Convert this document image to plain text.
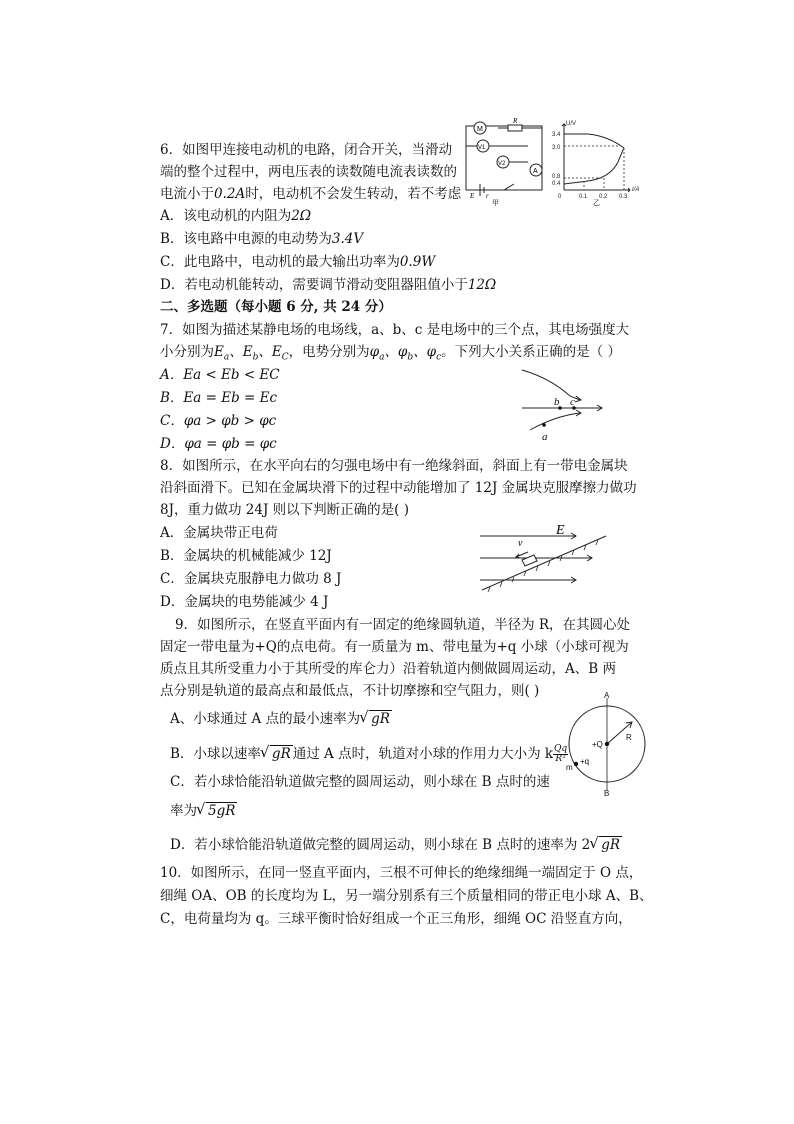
6．如图甲连接电动机的电路，闭合开关，当滑动
端的整个过程中，两电压表的读数随电流表读数的
电流小于0.2A时，电动机不会发生转动，若不考虑
A．该电动机的内阻为2Ω
B．该电路中电源的电动势为3.4V
C．此电路中，电动机的最大输出功率为0.9W
D．若电动机能转动，需要调节滑动变阻器阻值小于12Ω
M
R
V1
V2
A
E r
甲
U/V
I/A
3.4
3.0
0.8
0.4
0	0.1 0.2 0.3
乙
二、多选题（每小题 6 分, 共 24 分）
7．如图为描述某静电场的电场线，a、b、c 是电场中的三个点，其电场强度大
小分别为$E_a$、$E_b$、$E_C$，电势分别为$\varphi_a$、$\varphi_b$、$\varphi_c$。下列大小关系正确的是（ ）
A．Ea < Eb < EC
B．Ea = Eb = Ec
C．φa > φb > φc
D．φa = φb = φc
b c
a
8．如图所示，在水平向右的匀强电场中有一绝缘斜面，斜面上有一带电金属块
沿斜面滑下。已知在金属块滑下的过程中动能增加了 12J 金属块克服摩擦力做功
8J，重力做功 24J 则以下判断正确的是( )
A．金属块带正电荷
B．金属块的机械能减少 12J
C．金属块克服静电力做功 8 J
D．金属块的电势能减少 4 J
v
E
9．如图所示，在竖直平面内有一固定的绝缘圆轨道，半径为 R，在其圆心处
固定一带电量为+Q的点电荷。有一质量为 m、带电量为+q 小球（小球可视为
质点且其所受重力小于其所受的库仑力）沿着轨道内侧做圆周运动，A、B 两
点分别是轨道的最高点和最低点，不计切摩擦和空气阻力，则( )
A、小球通过 A 点的最小速率为 √ gR
B．小球以速率 √ gR 通过 A 点时，轨道对小球的作用力大小为 k $\frac{Qq}{\text{R²}}$
C．若小球恰能沿轨道做完整的圆周运动，则小球在 B 点时的速
率为 √ 5gR
D．若小球恰能沿轨道做完整的圆周运动，则小球在 B 点时的速率为 2 √ gR
A
B
+Q
R
m
+q
10．如图所示，在同一竖直平面内，三根不可伸长的绝缘细绳一端固定于 O 点，
细绳 OA、OB 的长度均为 L，另一端分别系有三个质量相同的带正电小球 A、B、
C，电荷量均为 q。三球平衡时恰好组成一个正三角形，细绳 OC 沿竖直方向，
